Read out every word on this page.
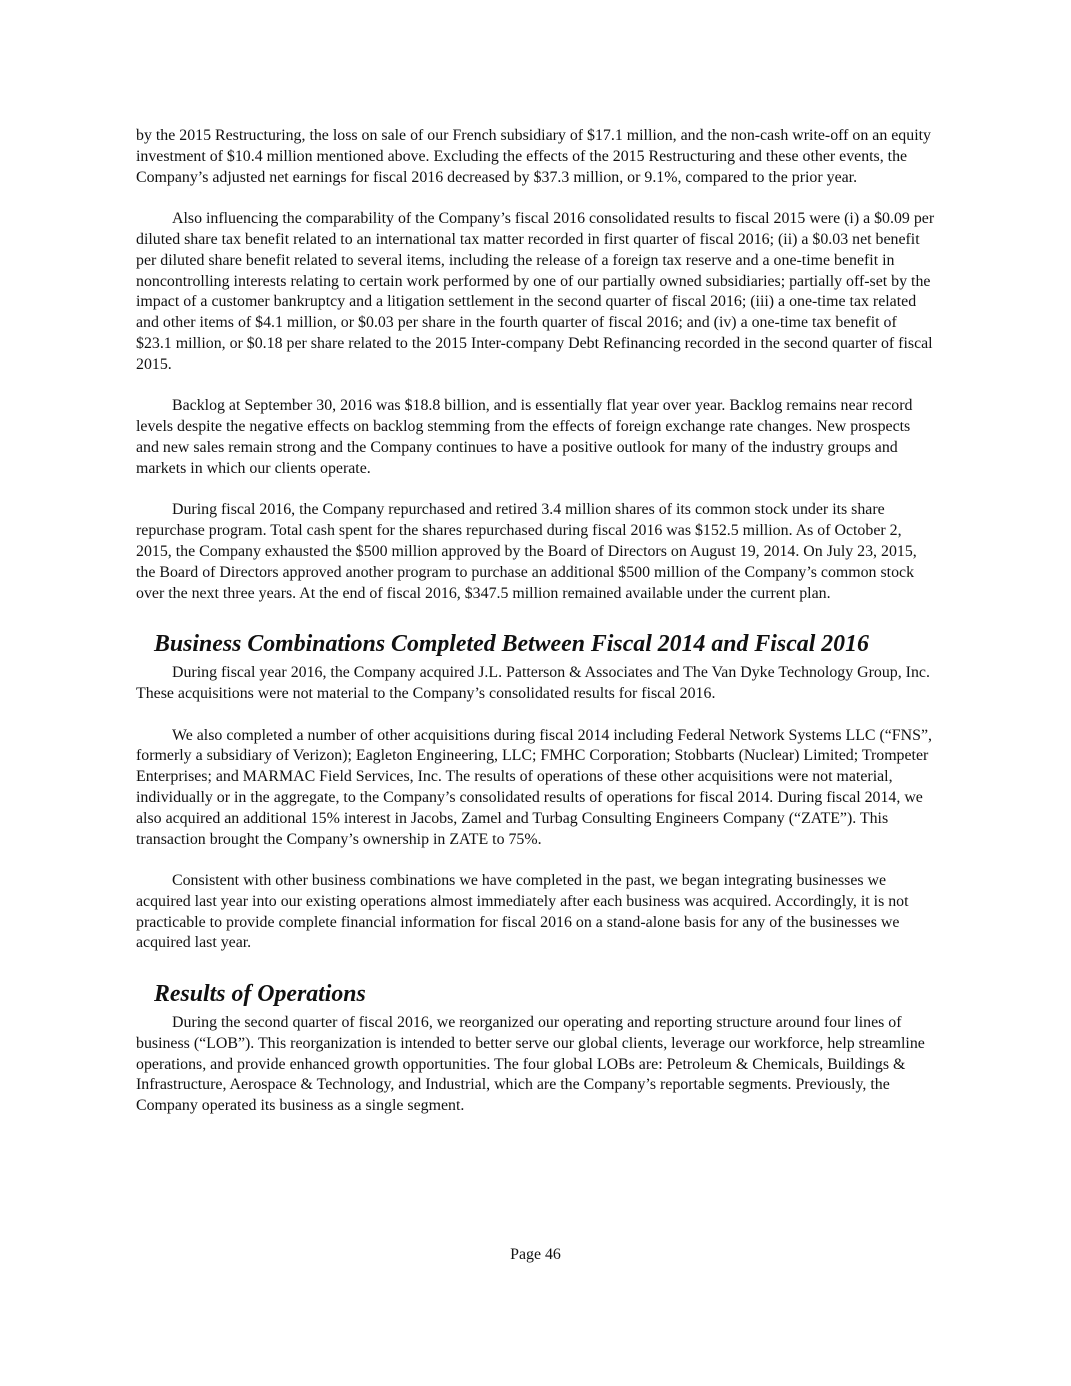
by the 2015 Restructuring, the loss on sale of our French subsidiary of $17.1 million, and the non-cash write-off on an equity investment of $10.4 million mentioned above. Excluding the effects of the 2015 Restructuring and these other events, the Company’s adjusted net earnings for fiscal 2016 decreased by $37.3 million, or 9.1%, compared to the prior year.

Also influencing the comparability of the Company’s fiscal 2016 consolidated results to fiscal 2015 were (i) a $0.09 per diluted share tax benefit related to an international tax matter recorded in first quarter of fiscal 2016; (ii) a $0.03 net benefit per diluted share benefit related to several items, including the release of a foreign tax reserve and a one-time benefit in noncontrolling interests relating to certain work performed by one of our partially owned subsidiaries; partially off-set by the impact of a customer bankruptcy and a litigation settlement in the second quarter of fiscal 2016; (iii) a one-time tax related and other items of $4.1 million, or $0.03 per share in the fourth quarter of fiscal 2016; and (iv) a one-time tax benefit of $23.1 million, or $0.18 per share related to the 2015 Inter-company Debt Refinancing recorded in the second quarter of fiscal 2015.

Backlog at September 30, 2016 was $18.8 billion, and is essentially flat year over year. Backlog remains near record levels despite the negative effects on backlog stemming from the effects of foreign exchange rate changes. New prospects and new sales remain strong and the Company continues to have a positive outlook for many of the industry groups and markets in which our clients operate.

During fiscal 2016, the Company repurchased and retired 3.4 million shares of its common stock under its share repurchase program. Total cash spent for the shares repurchased during fiscal 2016 was $152.5 million. As of October 2, 2015, the Company exhausted the $500 million approved by the Board of Directors on August 19, 2014. On July 23, 2015, the Board of Directors approved another program to purchase an additional $500 million of the Company’s common stock over the next three years. At the end of fiscal 2016, $347.5 million remained available under the current plan.

Business Combinations Completed Between Fiscal 2014 and Fiscal 2016

During fiscal year 2016, the Company acquired J.L. Patterson & Associates and The Van Dyke Technology Group, Inc. These acquisitions were not material to the Company’s consolidated results for fiscal 2016.

We also completed a number of other acquisitions during fiscal 2014 including Federal Network Systems LLC (“FNS”, formerly a subsidiary of Verizon); Eagleton Engineering, LLC; FMHC Corporation; Stobbarts (Nuclear) Limited; Trompeter Enterprises; and MARMAC Field Services, Inc. The results of operations of these other acquisitions were not material, individually or in the aggregate, to the Company’s consolidated results of operations for fiscal 2014. During fiscal 2014, we also acquired an additional 15% interest in Jacobs, Zamel and Turbag Consulting Engineers Company (“ZATE”). This transaction brought the Company’s ownership in ZATE to 75%.

Consistent with other business combinations we have completed in the past, we began integrating businesses we acquired last year into our existing operations almost immediately after each business was acquired. Accordingly, it is not practicable to provide complete financial information for fiscal 2016 on a stand-alone basis for any of the businesses we acquired last year.

Results of Operations

During the second quarter of fiscal 2016, we reorganized our operating and reporting structure around four lines of business (“LOB”). This reorganization is intended to better serve our global clients, leverage our workforce, help streamline operations, and provide enhanced growth opportunities. The four global LOBs are: Petroleum & Chemicals, Buildings & Infrastructure, Aerospace & Technology, and Industrial, which are the Company’s reportable segments. Previously, the Company operated its business as a single segment.

Page 46
